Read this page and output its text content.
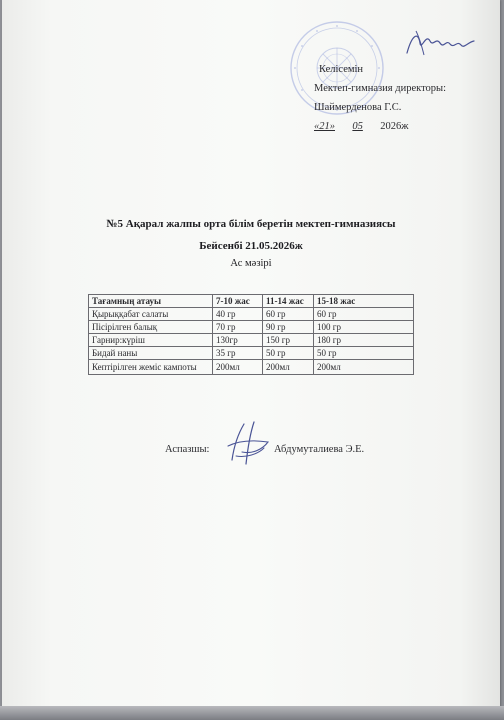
Келісемін
Мектеп-гимназия директоры:
Шаймерденова Г.С.
«21» 05 2026ж
№5 Ақарал жалпы орта білім беретін мектеп-гимназиясы
Бейсенбі 21.05.2026ж
Ас мәзірі
Тағамның атауы	7-10 жас	11-14 жас	15-18 жас
Қырыққабат салаты	40 гр	60 гр	60 гр
Пісірілген балық	70 гр	90 гр	100 гр
Гарнир:күріш	130гр	150 гр	180 гр
Бидай наны	35 гр	50 гр	50 гр
Кептірілген жеміс кампоты	200мл	200мл	200мл
Аспазшы:	Абдумуталиева Э.Е.
